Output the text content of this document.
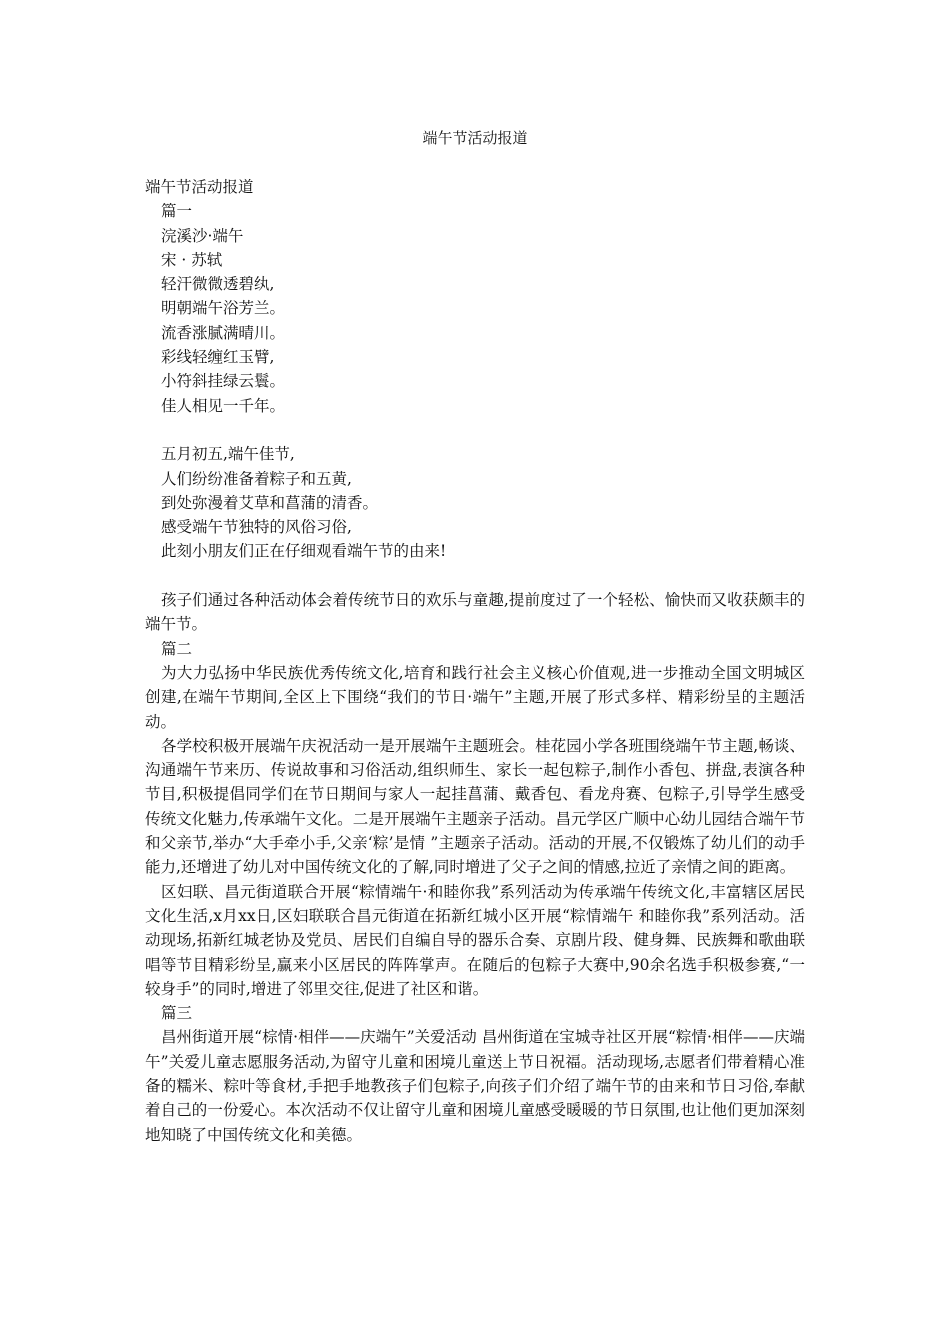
端午节活动报道
端午节活动报道
篇一
浣溪沙·端午
宋 · 苏轼
轻汗微微透碧纨,
明朝端午浴芳兰。
流香涨腻满晴川。
彩线轻缠红玉臂,
小符斜挂绿云鬟。
佳人相见一千年。
五月初五,端午佳节,
人们纷纷准备着粽子和五黄,
到处弥漫着艾草和菖蒲的清香。
感受端午节独特的风俗习俗,
此刻小朋友们正在仔细观看端午节的由来!

孩子们通过各种活动体会着传统节日的欢乐与童趣,提前度过了一个轻松、愉快而又收获颇丰的端午节。

篇二

为大力弘扬中华民族优秀传统文化,培育和践行社会主义核心价值观,进一步推动全国文明城区创建,在端午节期间,全区上下围绕“我们的节日·端午”主题,开展了形式多样、精彩纷呈的主题活动。

各学校积极开展端午庆祝活动一是开展端午主题班会。桂花园小学各班围绕端午节主题,畅谈、沟通端午节来历、传说故事和习俗活动,组织师生、家长一起包粽子,制作小香包、拼盘,表演各种节目,积极提倡同学们在节日期间与家人一起挂菖蒲、戴香包、看龙舟赛、包粽子,引导学生感受传统文化魅力,传承端午文化。二是开展端午主题亲子活动。昌元学区广顺中心幼儿园结合端午节和父亲节,举办“大手牵小手,父亲‘粽’是情 ”主题亲子活动。活动的开展,不仅锻炼了幼儿们的动手能力,还增进了幼儿对中国传统文化的了解,同时增进了父子之间的情感,拉近了亲情之间的距离。

区妇联、昌元街道联合开展“粽情端午·和睦你我”系列活动为传承端午传统文化,丰富辖区居民文化生活,x月xx日,区妇联联合昌元街道在拓新红城小区开展“粽情端午 和睦你我”系列活动。活动现场,拓新红城老协及党员、居民们自编自导的器乐合奏、京剧片段、健身舞、民族舞和歌曲联唱等节目精彩纷呈,赢来小区居民的阵阵掌声。在随后的包粽子大赛中,90余名选手积极参赛,“一较身手”的同时,增进了邻里交往,促进了社区和谐。

篇三

昌州街道开展“棕情·相伴——庆端午”关爱活动 昌州街道在宝城寺社区开展“粽情·相伴——庆端午”关爱儿童志愿服务活动,为留守儿童和困境儿童送上节日祝福。活动现场,志愿者们带着精心准备的糯米、粽叶等食材,手把手地教孩子们包粽子,向孩子们介绍了端午节的由来和节日习俗,奉献着自己的一份爱心。本次活动不仅让留守儿童和困境儿童感受暖暖的节日氛围,也让他们更加深刻地知晓了中国传统文化和美德。
